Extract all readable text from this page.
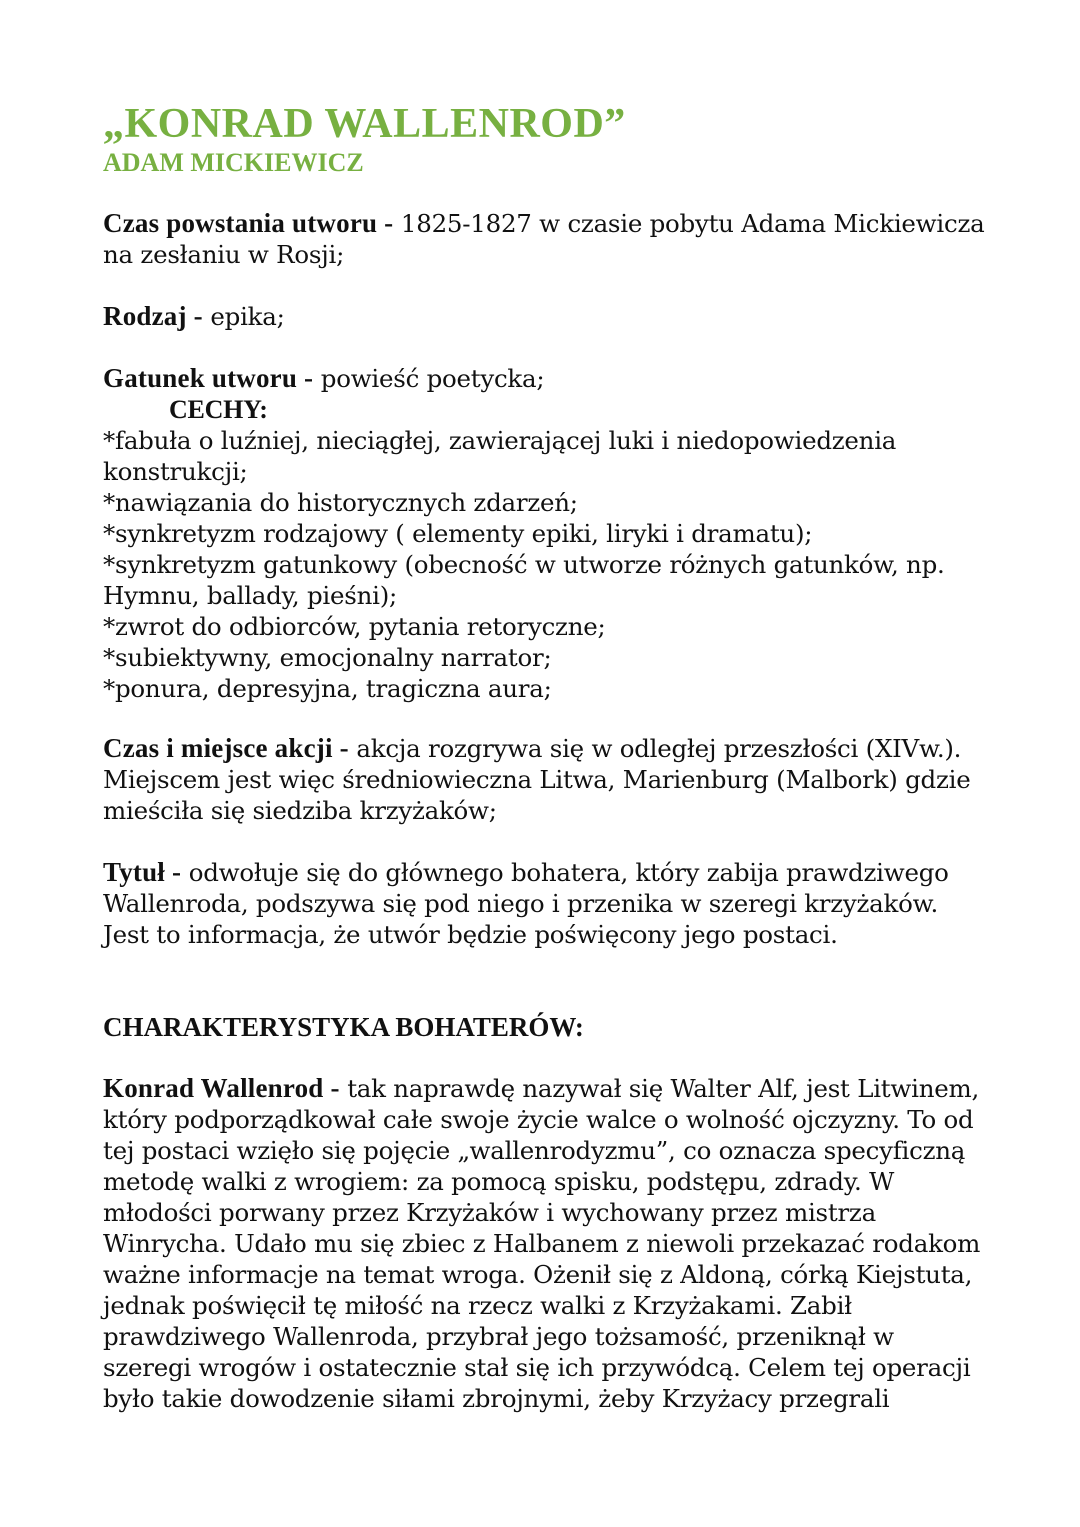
„KONRAD WALLENROD”
ADAM MICKIEWICZ
Czas powstania utworu - 1825-1827 w czasie pobytu Adama Mickiewicza na zesłaniu w Rosji;
Rodzaj - epika;
Gatunek utworu - powieść poetycka;
CECHY:
*fabuła o luźniej, nieciągłej, zawierającej luki i niedopowiedzenia konstrukcji;
*nawiązania do historycznych zdarzeń;
*synkretyzm rodzajowy ( elementy epiki, liryki i dramatu);
*synkretyzm gatunkowy (obecność w utworze różnych gatunków, np. Hymnu, ballady, pieśni);
*zwrot do odbiorców, pytania retoryczne;
*subiektywny, emocjonalny narrator;
*ponura, depresyjna, tragiczna aura;
Czas i miejsce akcji - akcja rozgrywa się w odległej przeszłości (XIVw.). Miejscem jest więc średniowieczna Litwa, Marienburg (Malbork) gdzie mieściła się siedziba krzyżaków;
Tytuł - odwołuje się do głównego bohatera, który zabija prawdziwego Wallenroda, podszywa się pod niego i przenika w szeregi krzyżaków. Jest to informacja, że utwór będzie poświęcony jego postaci.
CHARAKTERYSTYKA BOHATERÓW:
Konrad Wallenrod - tak naprawdę nazywał się Walter Alf, jest Litwinem, który podporządkował całe swoje życie walce o wolność ojczyzny. To od tej postaci wzięło się pojęcie „wallenrodyzmu”, co oznacza specyficzną metodę walki z wrogiem: za pomocą spisku, podstępu, zdrady. W młodości porwany przez Krzyżaków i wychowany przez mistrza Winrycha. Udało mu się zbiec z Halbanem z niewoli przekazać rodakom ważne informacje na temat wroga. Ożenił się z Aldoną, córką Kiejstuta, jednak poświęcił tę miłość na rzecz walki z Krzyżakami. Zabił prawdziwego Wallenroda, przybrał jego tożsamość, przeniknął w szeregi wrogów i ostatecznie stał się ich przywódcą. Celem tej operacji było takie dowodzenie siłami zbrojnymi, żeby Krzyżacy przegrali
